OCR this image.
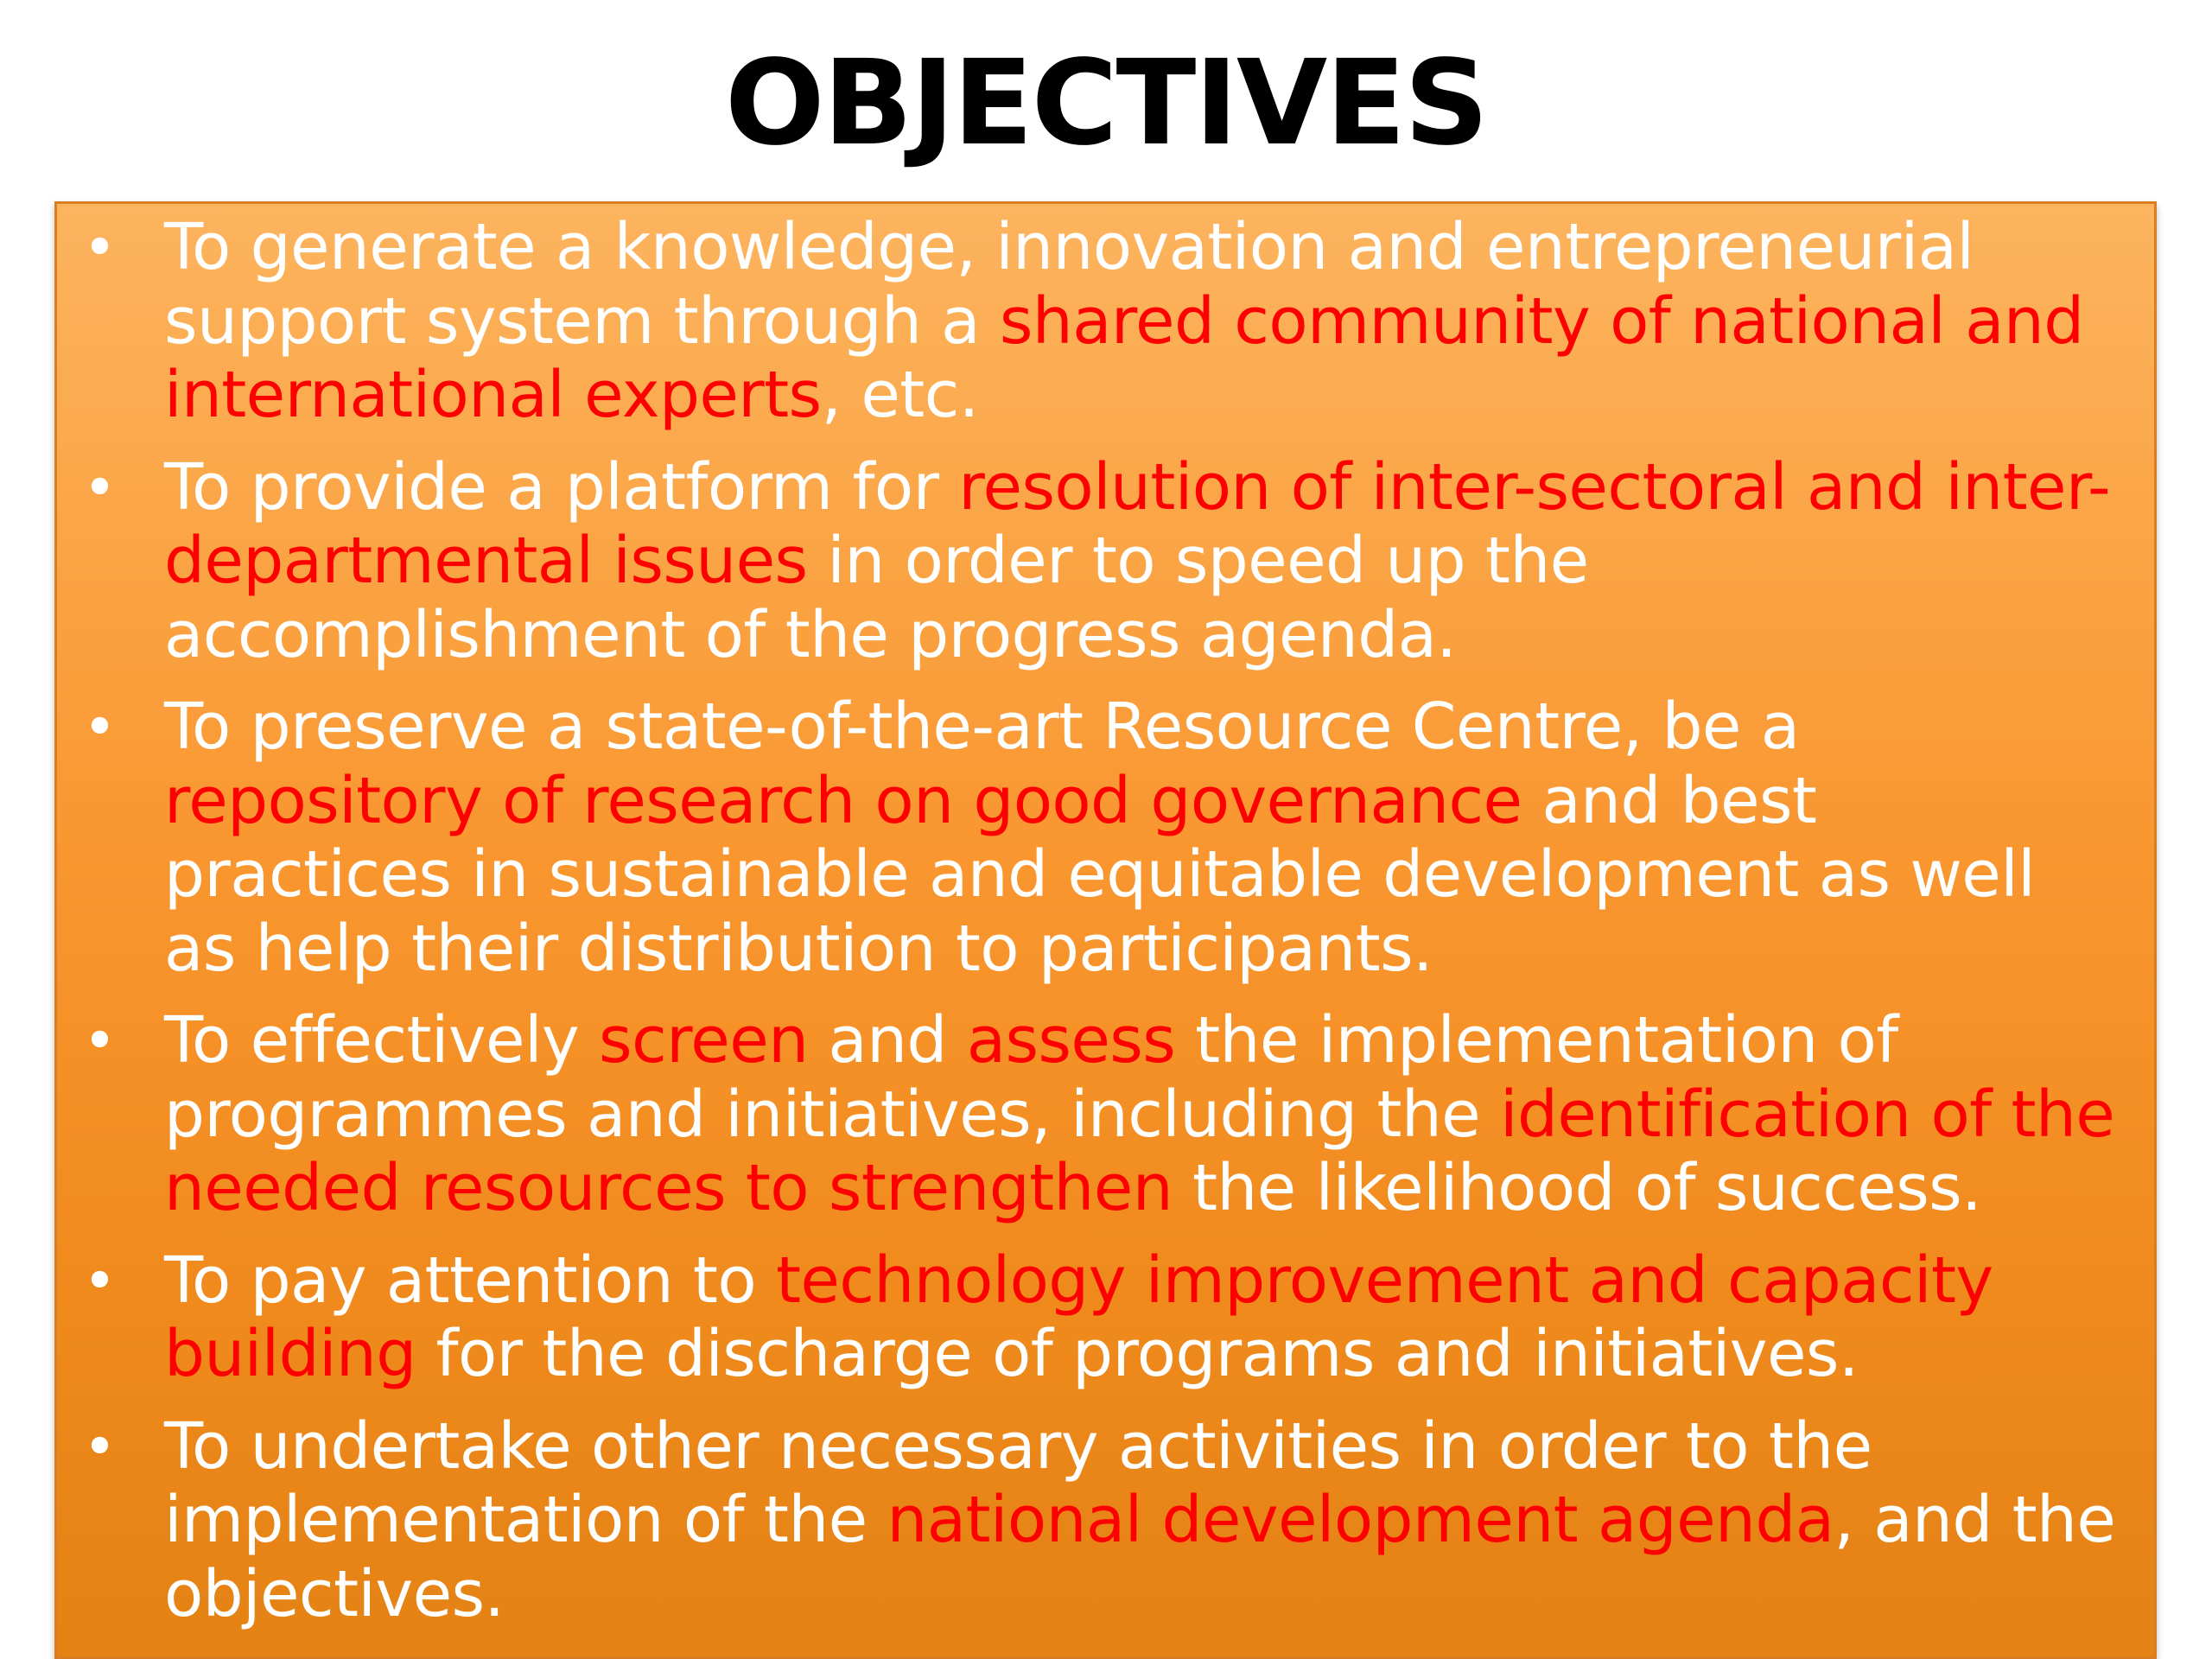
OBJECTIVES
• To generate a knowledge, innovation and entrepreneurial support system through a shared community of national and international experts, etc.
• To provide a platform for resolution of inter-sectoral and inter-departmental issues in order to speed up the accomplishment of the progress agenda.
• To preserve a state-of-the-art Resource Centre, be a repository of research on good governance and best practices in sustainable and equitable development as well as help their distribution to participants.
• To effectively screen and assess the implementation of programmes and initiatives, including the identification of the needed resources to strengthen the likelihood of success.
• To pay attention to technology improvement and capacity building for the discharge of programs and initiatives.
• To undertake other necessary activities in order to the implementation of the national development agenda, and the objectives.
